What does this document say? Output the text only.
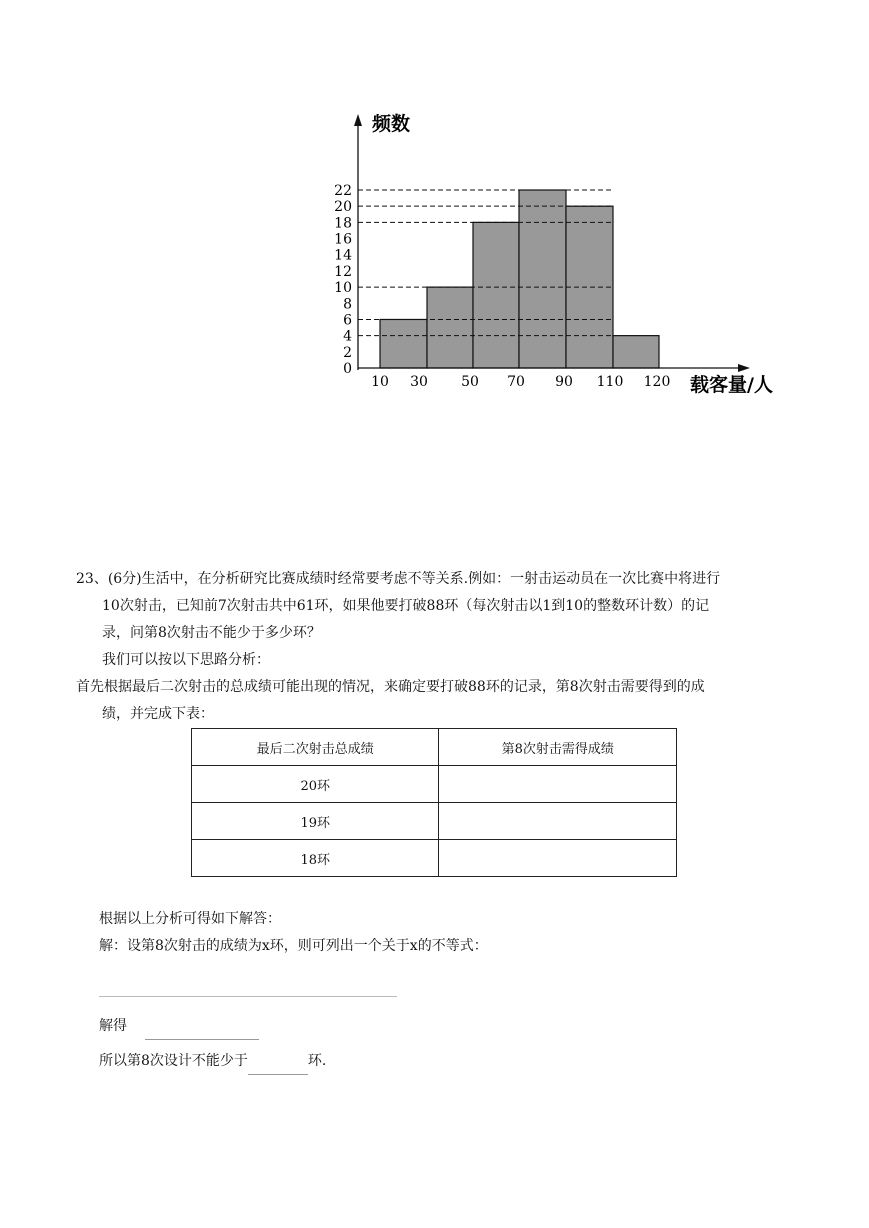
0
2
4
6
8
10
12
14
16
18
20
22
10 30 50 70 90 110 120
频数
载客量/人

23、(6分)生活中，在分析研究比赛成绩时经常要考虑不等关系.例如：一射击运动员在一次比赛中将进行

10次射击，已知前7次射击共中61环，如果他要打破88环（每次射击以1到10的整数环计数）的记

录，问第8次射击不能少于多少环？

我们可以按以下思路分析：

首先根据最后二次射击的总成绩可能出现的情况，来确定要打破88环的记录，第8次射击需要得到的成

绩，并完成下表：

最后二次射击总成绩	第8次射击需得成绩
20环	
19环	
18环	

根据以上分析可得如下解答：

解：设第8次射击的成绩为x环，则可列出一个关于x的不等式：

解得

所以第8次设计不能少于	环.
